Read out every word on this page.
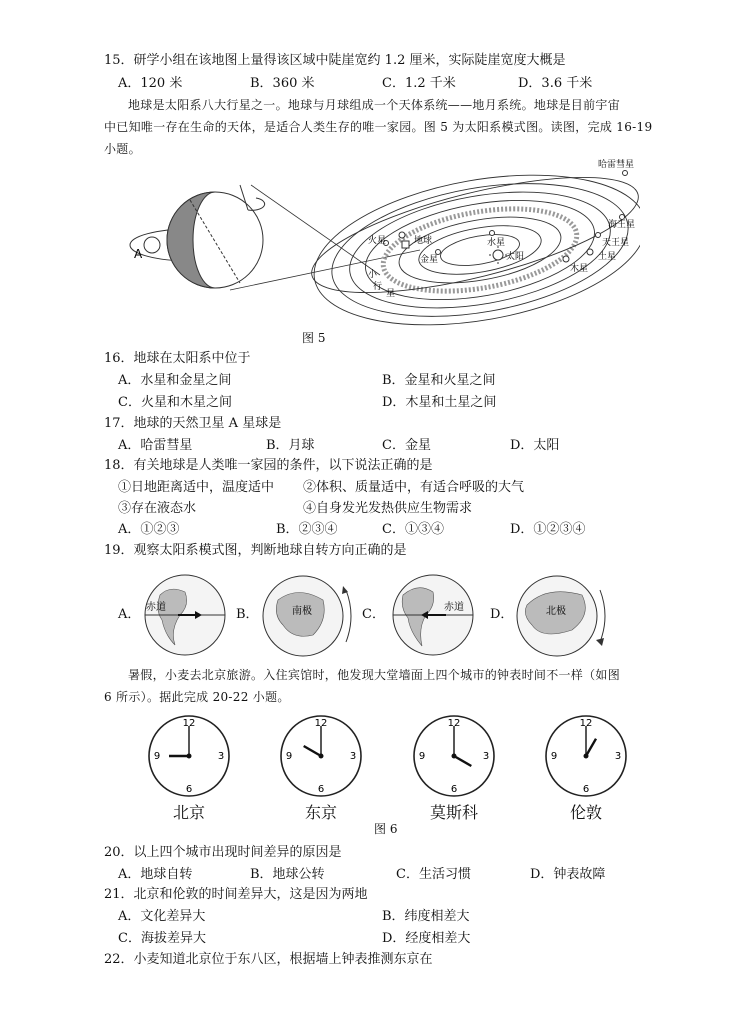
15．研学小组在该地图上量得该区域中陡崖宽约 1.2 厘米，实际陡崖宽度大概是
A．120 米	B．360 米	C．1.2 千米	D．3.6 千米
地球是太阳系八大行星之一。地球与月球组成一个天体系统——地月系统。地球是目前宇宙
中已知唯一存在生命的天体，是适合人类生存的唯一家园。图 5 为太阳系模式图。读图，完成 16-19
小题。
A
水星
太阳
金星
地球
火星
小
行
星
木星
土星
天王星
海王星
哈雷彗星
图 5
16．地球在太阳系中位于
A．水星和金星之间	B．金星和火星之间
C．火星和木星之间	D．木星和土星之间
17．地球的天然卫星 A 星球是
A．哈雷彗星	B．月球	C．金星	D．太阳
18．有关地球是人类唯一家园的条件，以下说法正确的是
①日地距离适中，温度适中 ②体积、质量适中，有适合呼吸的大气
③存在液态水	④自身发光发热供应生物需求
A．①②③	B．②③④	C．①③④	D．①②③④
19．观察太阳系模式图，判断地球自转方向正确的是
A． 赤道	B．	南极	C．	赤道 D．	北极
暑假，小麦去北京旅游。入住宾馆时，他发现大堂墙面上四个城市的钟表时间不一样（如图
6 所示）。据此完成 20-22 小题。
12
3
6
9
北京
12
3
6
9
东京
12
3
6
9
莫斯科
12
3
6
9
伦敦
图 6
20．以上四个城市出现时间差异的原因是
A．地球自转	B．地球公转	C．生活习惯	D．钟表故障
21．北京和伦敦的时间差异大，这是因为两地
A．文化差异大	B．纬度相差大
C．海拔差异大	D．经度相差大
22．小麦知道北京位于东八区，根据墙上钟表推测东京在
